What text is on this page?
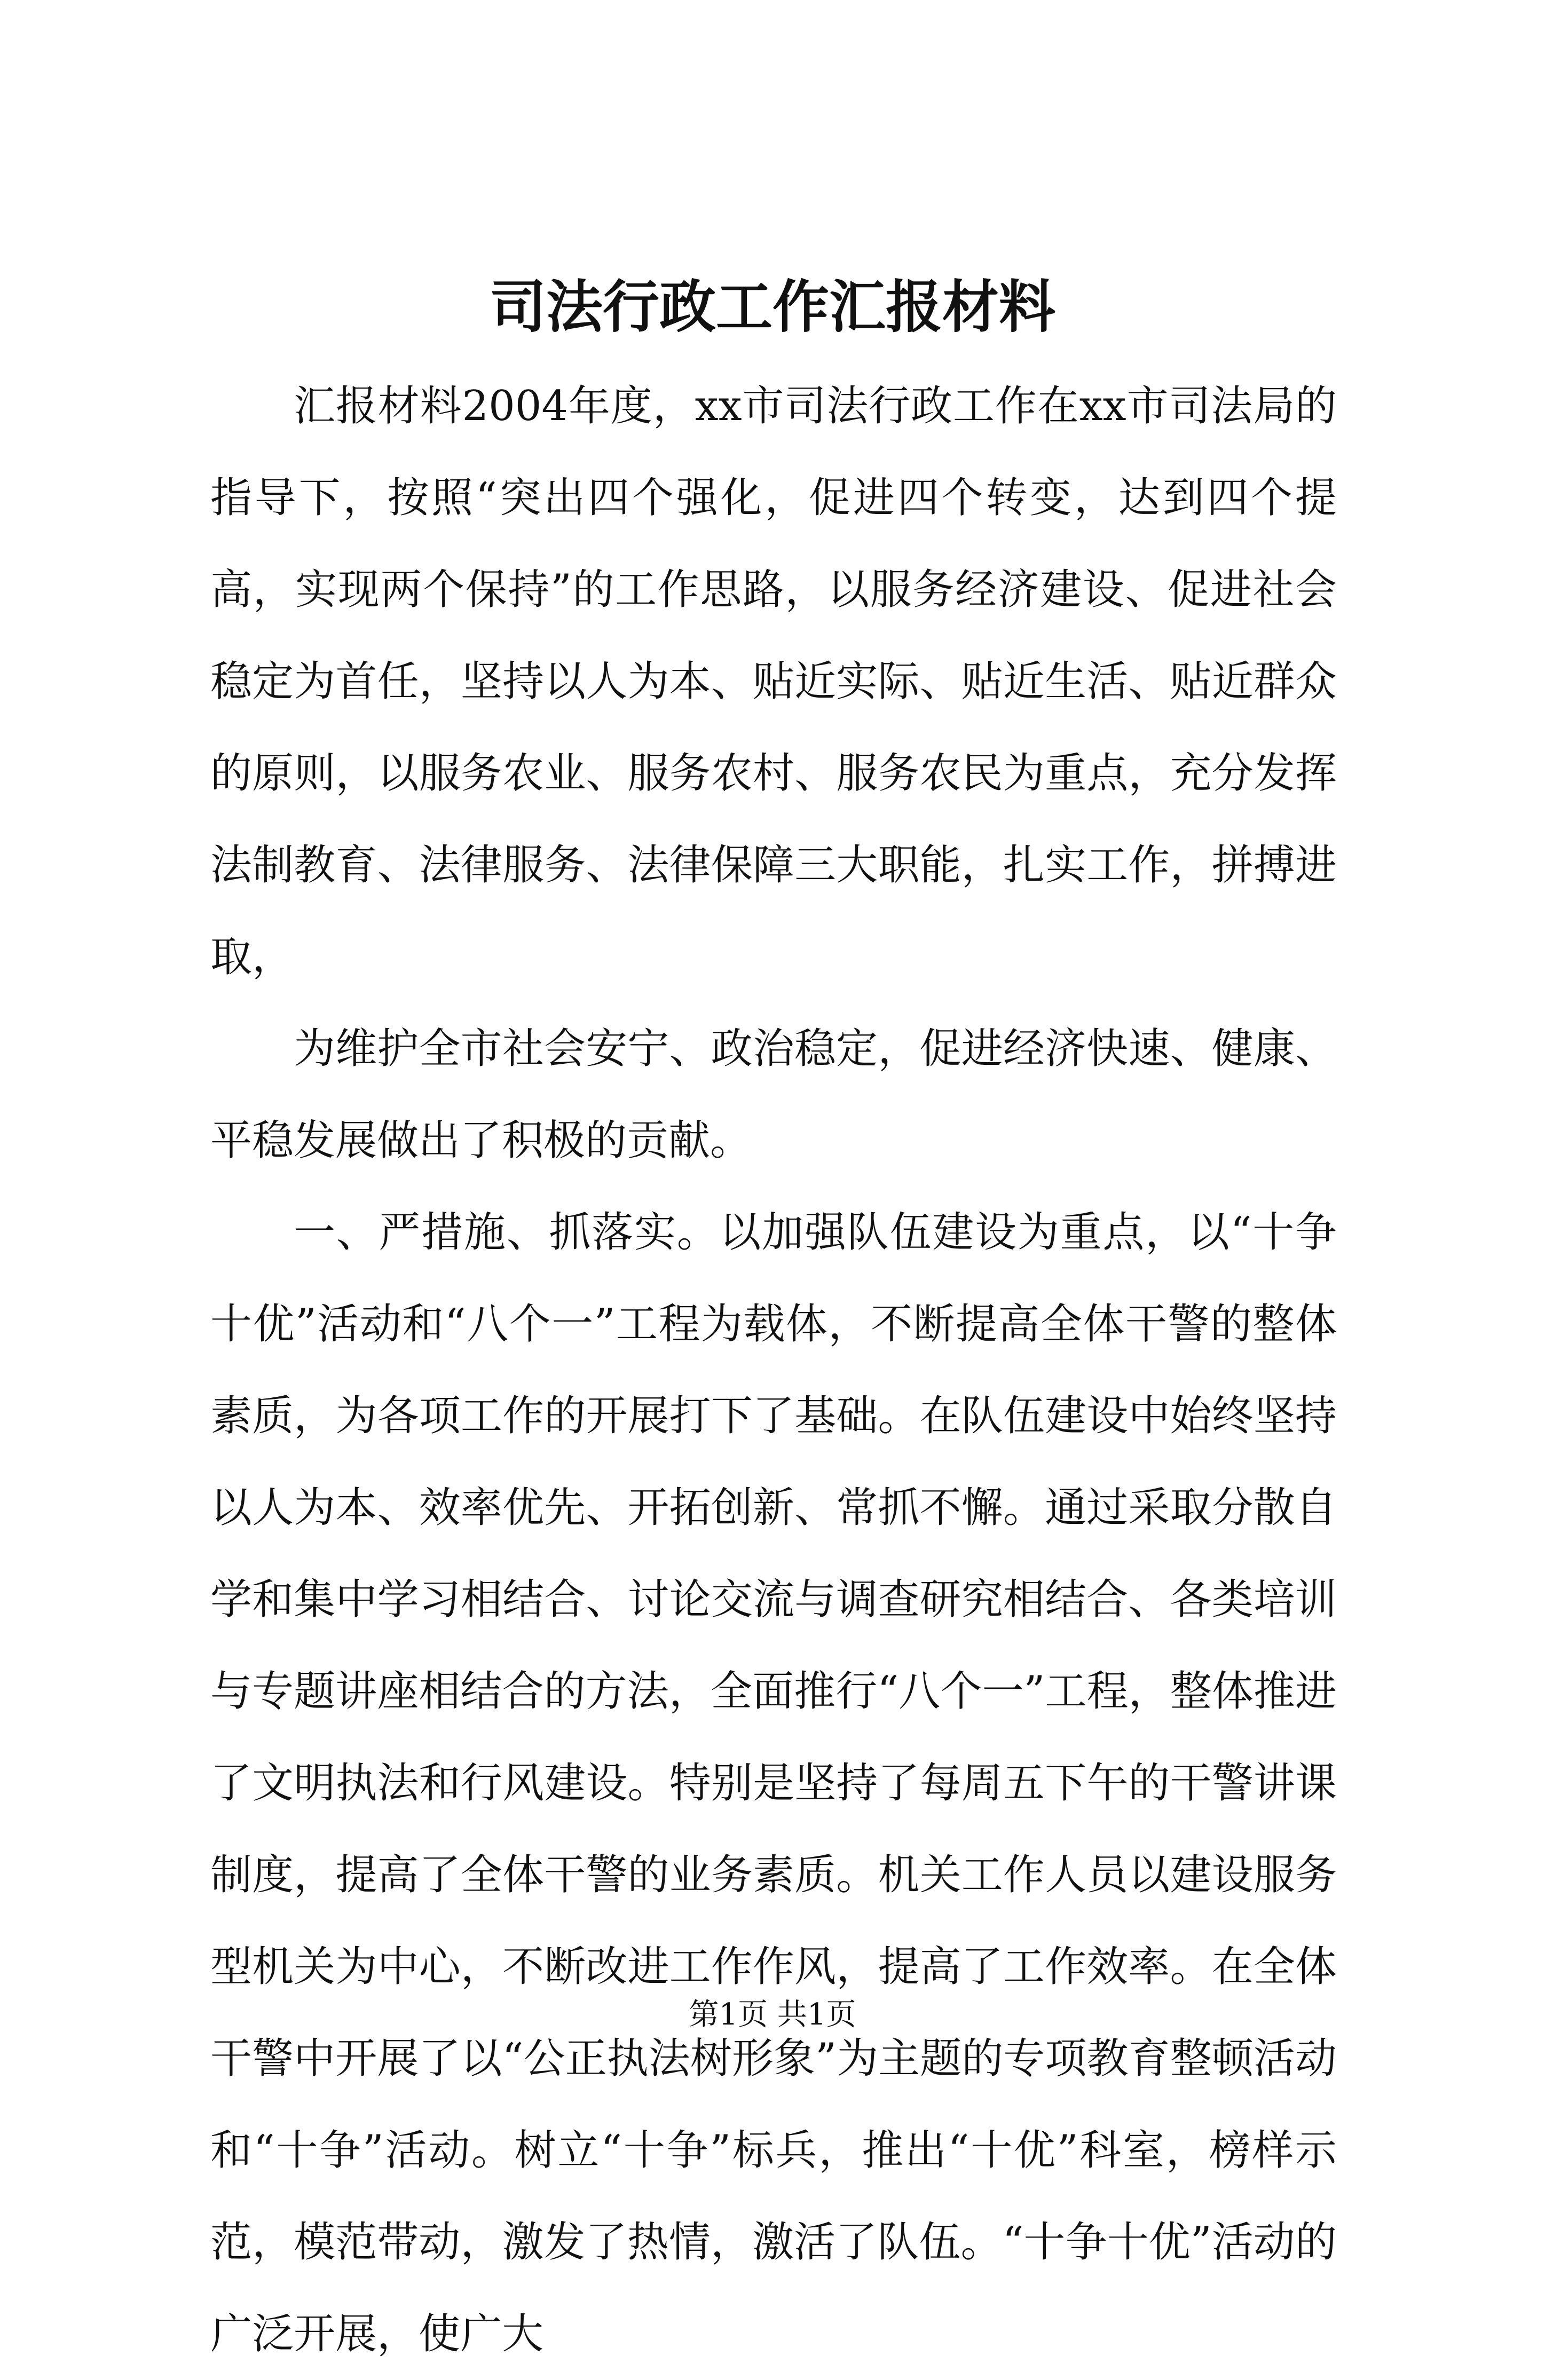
司法行政工作汇报材料

汇报材料2004年度，xx市司法行政工作在xx市司法局的指导下，按照“突出四个强化，促进四个转变，达到四个提高，实现两个保持”的工作思路，以服务经济建设、促进社会稳定为首任，坚持以人为本、贴近实际、贴近生活、贴近群众的原则，以服务农业、服务农村、服务农民为重点，充分发挥法制教育、法律服务、法律保障三大职能，扎实工作，拼搏进取，

为维护全市社会安宁、政治稳定，促进经济快速、健康、平稳发展做出了积极的贡献。

一、严措施、抓落实。以加强队伍建设为重点，以“十争十优”活动和“八个一”工程为载体，不断提高全体干警的整体素质，为各项工作的开展打下了基础。在队伍建设中始终坚持以人为本、效率优先、开拓创新、常抓不懈。通过采取分散自学和集中学习相结合、讨论交流与调查研究相结合、各类培训与专题讲座相结合的方法，全面推行“八个一”工程，整体推进了文明执法和行风建设。特别是坚持了每周五下午的干警讲课制度，提高了全体干警的业务素质。机关工作人员以建设服务型机关为中心，不断改进工作作风，提高了工作效率。在全体干警中开展了以“公正执法树形象”为主题的专项教育整顿活动和“十争”活动。树立“十争”标兵，推出“十优”科室，榜样示范，模范带动，激发了热情，激活了队伍。“十争十优”活动的广泛开展，使广大

第1页 共1页
